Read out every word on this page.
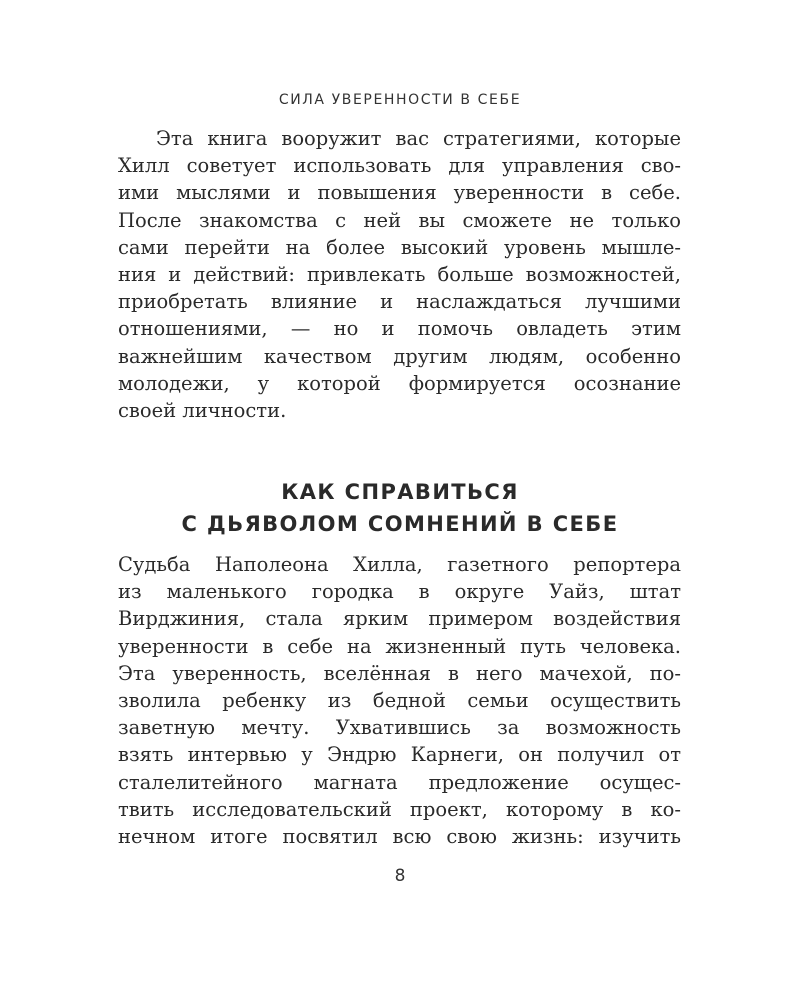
СИЛА УВЕРЕННОСТИ В СЕБЕ
Эта книга вооружит вас стратегиями, которые
Хилл советует использовать для управления сво-
ими мыслями и повышения уверенности в себе.
После знакомства с ней вы сможете не только
сами перейти на более высокий уровень мышле-
ния и действий: привлекать больше возможностей,
приобретать влияние и наслаждаться лучшими
отношениями, — но и помочь овладеть этим
важнейшим качеством другим людям, особенно
молодежи, у которой формируется осознание
своей личности.
КАК СПРАВИТЬСЯ
С ДЬЯВОЛОМ СОМНЕНИЙ В СЕБЕ
Судьба Наполеона Хилла, газетного репортера
из маленького городка в округе Уайз, штат
Вирджиния, стала ярким примером воздействия
уверенности в себе на жизненный путь человека.
Эта уверенность, вселённая в него мачехой, по-
зволила ребенку из бедной семьи осуществить
заветную мечту. Ухватившись за возможность
взять интервью у Эндрю Карнеги, он получил от
сталелитейного магната предложение осущес-
твить исследовательский проект, которому в ко-
нечном итоге посвятил всю свою жизнь: изучить
8
